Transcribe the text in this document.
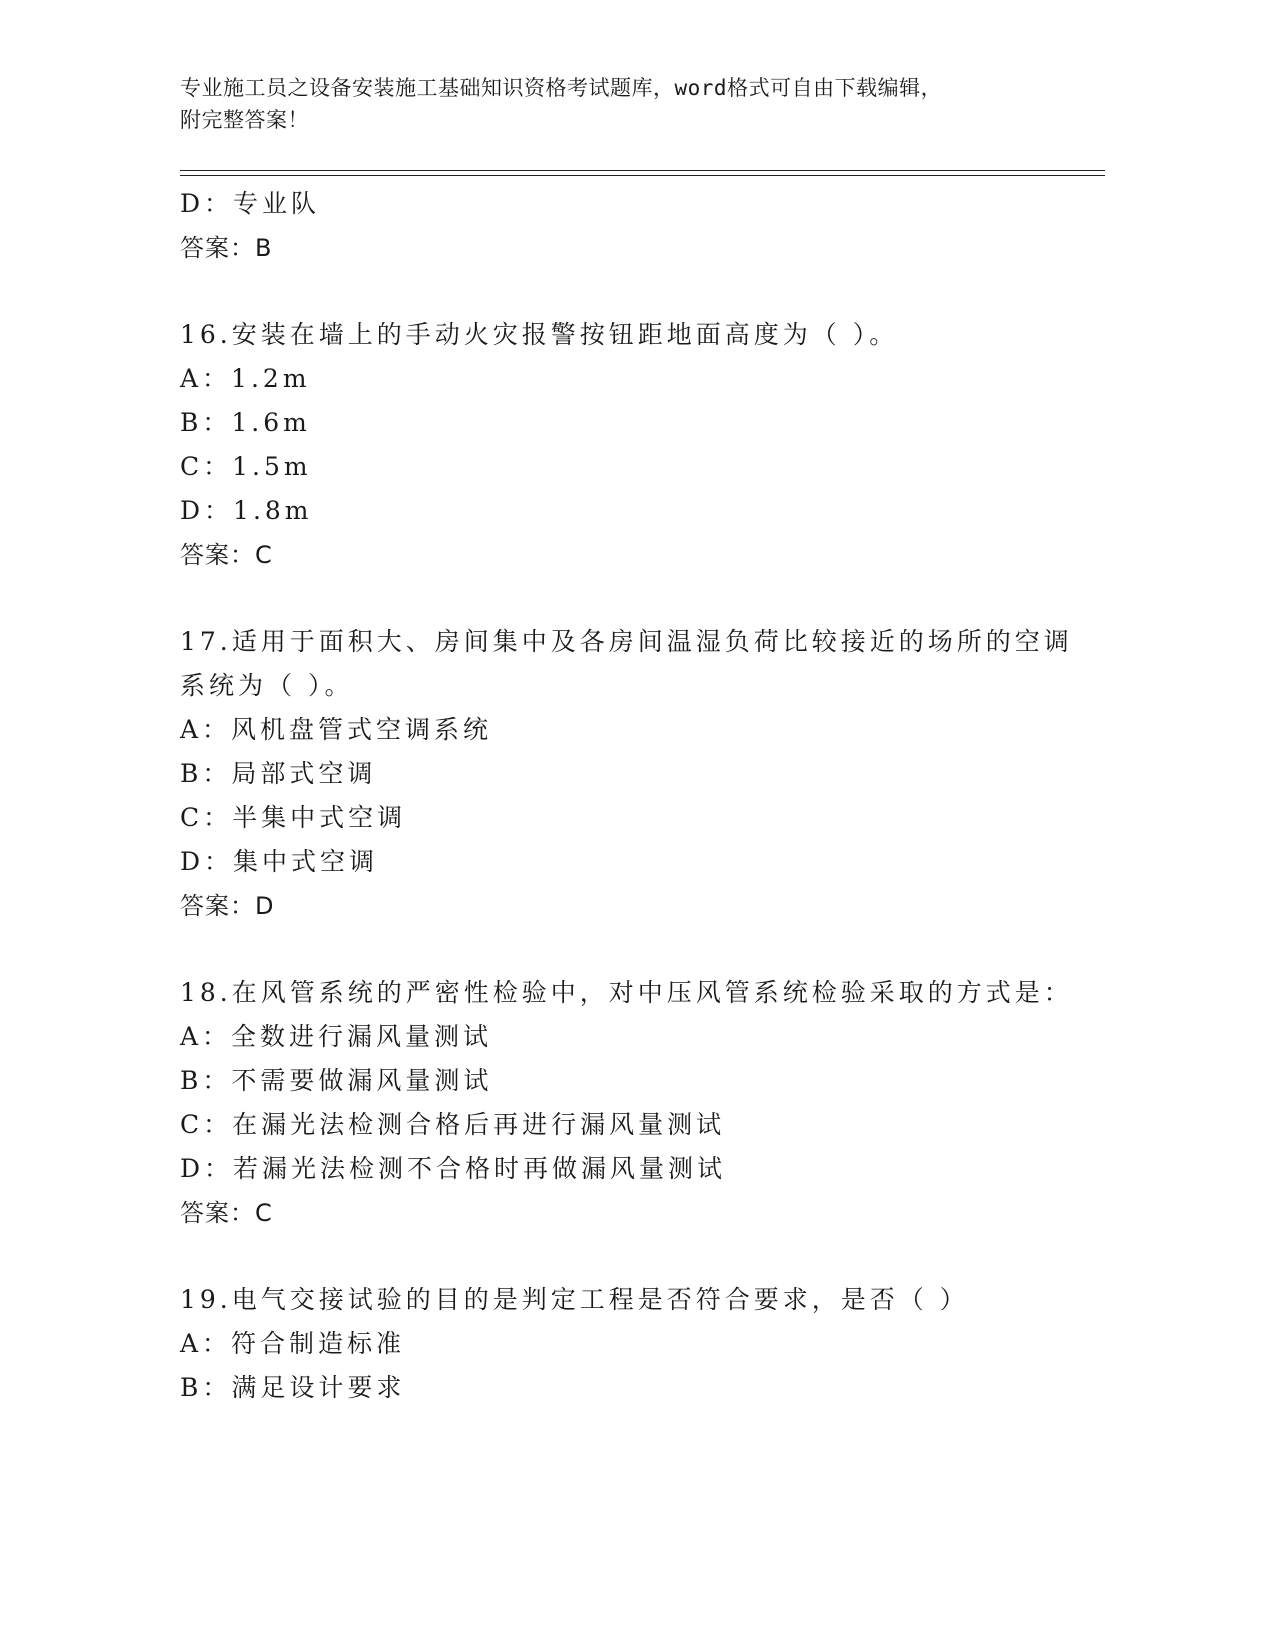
专业施工员之设备安装施工基础知识资格考试题库，word格式可自由下载编辑，
附完整答案！
D：专业队
答案：B
16.安装在墙上的手动火灾报警按钮距地面高度为（ ）。
A：1.2m
B：1.6m
C：1.5m
D：1.8m
答案：C
17.适用于面积大、房间集中及各房间温湿负荷比较接近的场所的空调
系统为（ ）。
A：风机盘管式空调系统
B：局部式空调
C：半集中式空调
D：集中式空调
答案：D
18.在风管系统的严密性检验中，对中压风管系统检验采取的方式是：
A：全数进行漏风量测试
B：不需要做漏风量测试
C：在漏光法检测合格后再进行漏风量测试
D：若漏光法检测不合格时再做漏风量测试
答案：C
19.电气交接试验的目的是判定工程是否符合要求，是否（ ）
A：符合制造标准
B：满足设计要求
